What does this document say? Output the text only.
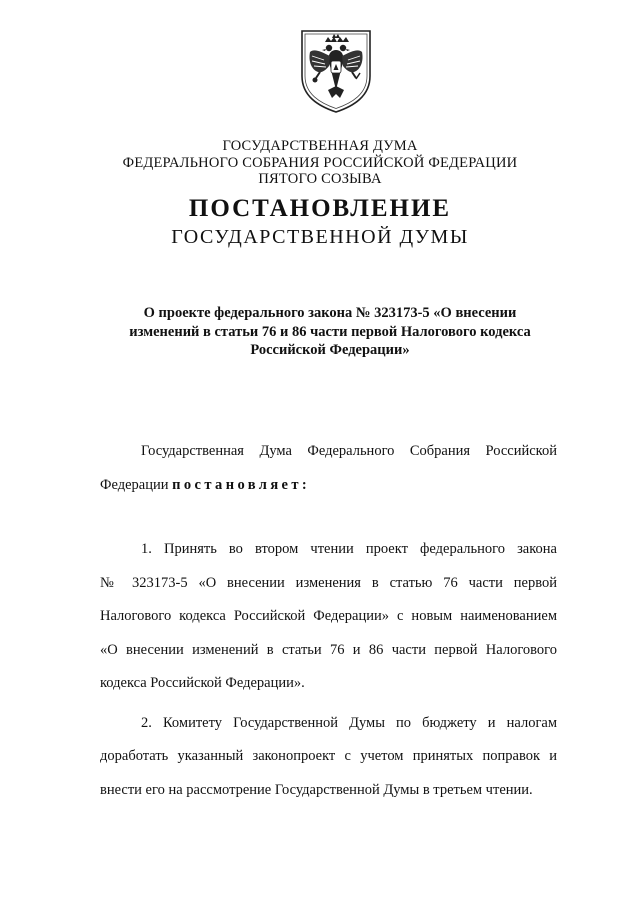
ГОСУДАРСТВЕННАЯ ДУМА
ФЕДЕРАЛЬНОГО СОБРАНИЯ РОССИЙСКОЙ ФЕДЕРАЦИИ
ПЯТОГО СОЗЫВА
ПОСТАНОВЛЕНИЕ
ГОСУДАРСТВЕННОЙ ДУМЫ
О проекте федерального закона № 323173-5 «О внесении
изменений в статьи 76 и 86 части первой Налогового кодекса
Российской Федерации»
Государственная Дума Федерального Собрания Российской
Федерации постановляет:
1. Принять во втором чтении проект федерального закона
№ 323173-5 «О внесении изменения в статью 76 части первой
Налогового кодекса Российской Федерации» с новым наименованием
«О внесении изменений в статьи 76 и 86 части первой Налогового
кодекса Российской Федерации».
2. Комитету Государственной Думы по бюджету и налогам
доработать указанный законопроект с учетом принятых поправок и
внести его на рассмотрение Государственной Думы в третьем чтении.
